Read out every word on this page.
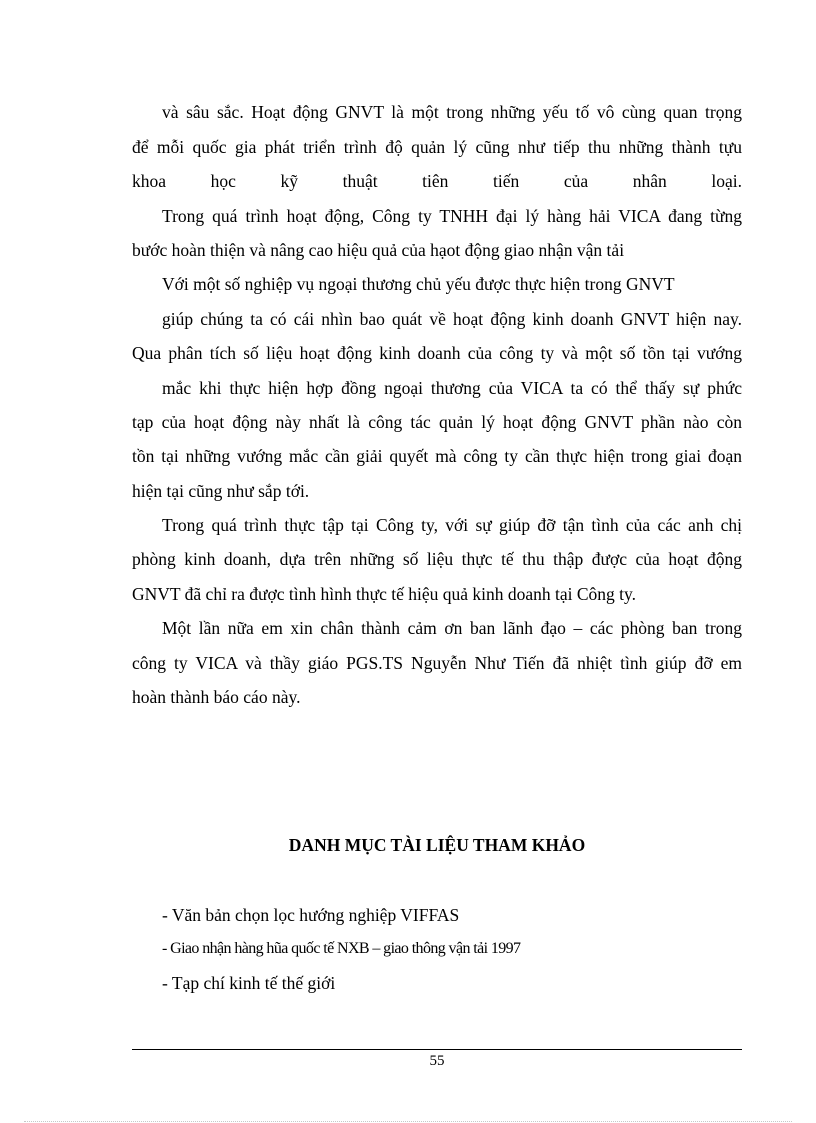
và sâu sắc. Hoạt động GNVT là một trong những yếu tố vô cùng quan trọng
để mỗi quốc gia phát triển trình độ quản lý cũng như tiếp thu những thành tựu
khoa học kỹ thuật tiên tiến của nhân loại.
Trong quá trình hoạt động, Công ty TNHH đại lý hàng hải VICA đang từng
bước hoàn thiện và nâng cao hiệu quả của hạot động giao nhận vận tải
Với một số nghiệp vụ ngoại thương chủ yếu được thực hiện trong GNVT
giúp chúng ta có cái nhìn bao quát về hoạt động kinh doanh GNVT hiện nay.
Qua phân tích số liệu hoạt động kinh doanh của công ty và một số tồn tại vướng
mắc khi thực hiện hợp đồng ngoại thương của VICA ta có thể thấy sự phức
tạp của hoạt động này nhất là công tác quản lý hoạt động GNVT phần nào còn
tồn tại những vướng mắc cần giải quyết mà công ty cần thực hiện trong giai đoạn
hiện tại cũng như sắp tới.
Trong quá trình thực tập tại Công ty, với sự giúp đỡ tận tình của các anh chị
phòng kinh doanh, dựa trên những số liệu thực tế thu thập được của hoạt động
GNVT đã chỉ ra được tình hình thực tế hiệu quả kinh doanh tại Công ty.
Một lần nữa em xin chân thành cảm ơn ban lãnh đạo – các phòng ban trong
công ty VICA và thầy giáo PGS.TS Nguyễn Như Tiến đã nhiệt tình giúp đỡ em
hoàn thành báo cáo này.
DANH MỤC TÀI LIỆU THAM KHẢO
- Văn bản chọn lọc hướng nghiệp VIFFAS
- Giao nhận hàng hũa quốc tế NXB – giao thông vận tải 1997
- Tạp chí kinh tế thế giới
55
